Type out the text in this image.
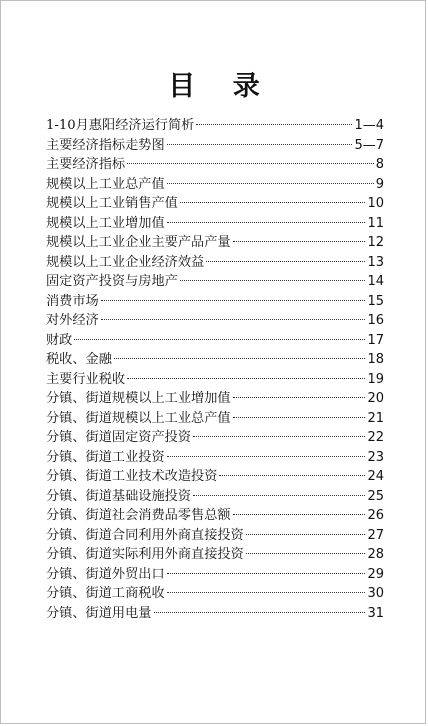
目 录
1-10月惠阳经济运行简析	1—4
主要经济指标走势图	5—7
主要经济指标	8
规模以上工业总产值	9
规模以上工业销售产值	10
规模以上工业增加值	11
规模以上工业企业主要产品产量	12
规模以上工业企业经济效益	13
固定资产投资与房地产	14
消费市场	15
对外经济	16
财政	17
税收、金融	18
主要行业税收	19
分镇、街道规模以上工业增加值	20
分镇、街道规模以上工业总产值	21
分镇、街道固定资产投资	22
分镇、街道工业投资	23
分镇、街道工业技术改造投资	24
分镇、街道基础设施投资	25
分镇、街道社会消费品零售总额	26
分镇、街道合同利用外商直接投资	27
分镇、街道实际利用外商直接投资	28
分镇、街道外贸出口	29
分镇、街道工商税收	30
分镇、街道用电量	31
